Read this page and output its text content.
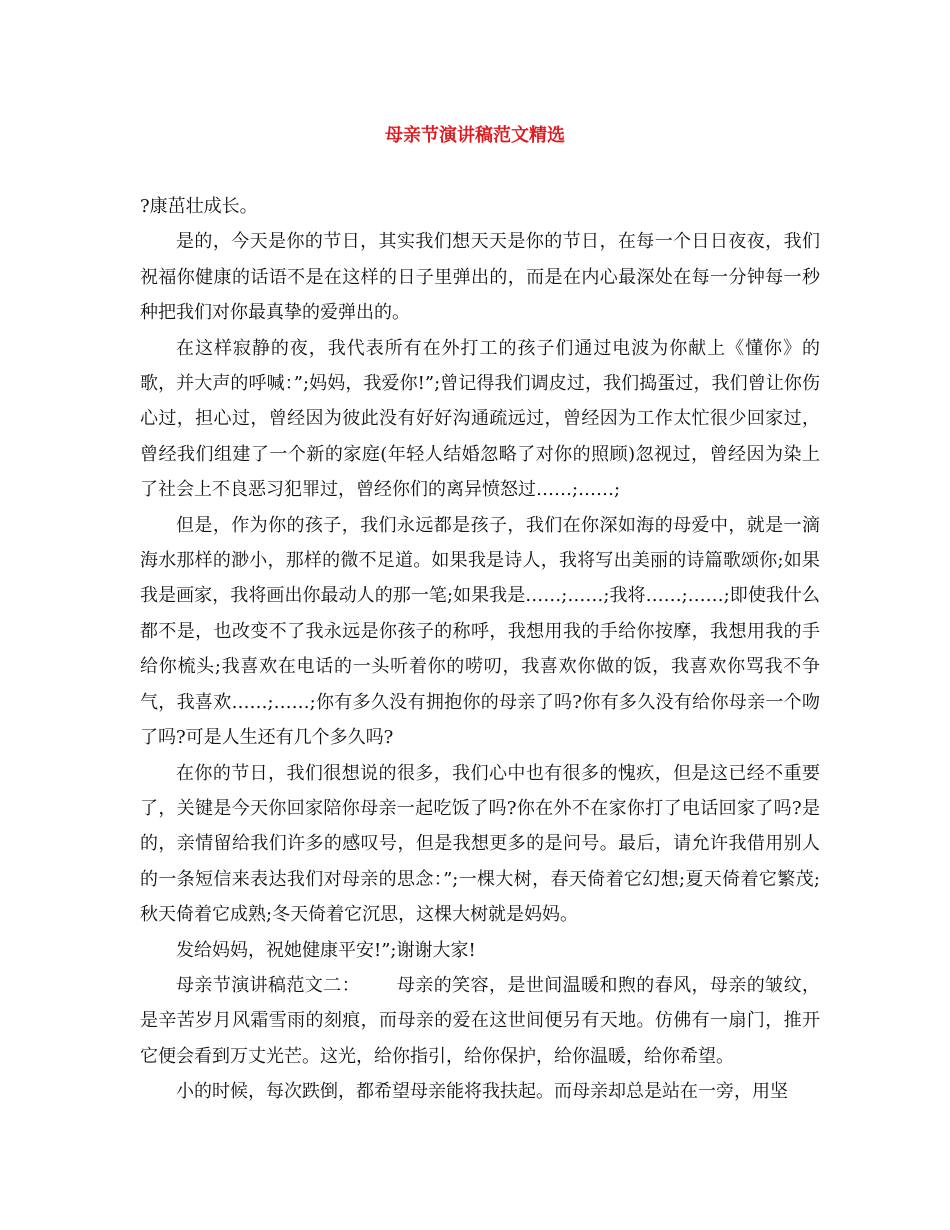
母亲节演讲稿范文精选

?康茁壮成长。

是的，今天是你的节日，其实我们想天天是你的节日，在每一个日日夜夜，我们祝福你健康的话语不是在这样的日子里弹出的，而是在内心最深处在每一分钟每一秒种把我们对你最真挚的爱弹出的。

在这样寂静的夜，我代表所有在外打工的孩子们通过电波为你献上《懂你》的歌，并大声的呼喊：”;妈妈，我爱你!”;曾记得我们调皮过，我们捣蛋过，我们曾让你伤心过，担心过，曾经因为彼此没有好好沟通疏远过，曾经因为工作太忙很少回家过，曾经我们组建了一个新的家庭(年轻人结婚忽略了对你的照顾)忽视过，曾经因为染上了社会上不良恶习犯罪过，曾经你们的离异愤怒过……;……;

但是，作为你的孩子，我们永远都是孩子，我们在你深如海的母爱中，就是一滴海水那样的渺小，那样的微不足道。如果我是诗人，我将写出美丽的诗篇歌颂你;如果我是画家，我将画出你最动人的那一笔;如果我是……;……;我将……;……;即使我什么都不是，也改变不了我永远是你孩子的称呼，我想用我的手给你按摩，我想用我的手给你梳头;我喜欢在电话的一头听着你的唠叨，我喜欢你做的饭，我喜欢你骂我不争气，我喜欢……;……;你有多久没有拥抱你的母亲了吗?你有多久没有给你母亲一个吻了吗?可是人生还有几个多久吗?

在你的节日，我们很想说的很多，我们心中也有很多的愧疚，但是这已经不重要了，关键是今天你回家陪你母亲一起吃饭了吗?你在外不在家你打了电话回家了吗?是的，亲情留给我们许多的感叹号，但是我想更多的是问号。最后，请允许我借用别人的一条短信来表达我们对母亲的思念：”;一棵大树，春天倚着它幻想;夏天倚着它繁茂;秋天倚着它成熟;冬天倚着它沉思，这棵大树就是妈妈。

发给妈妈，祝她健康平安!”;谢谢大家!

母亲节演讲稿范文二：      母亲的笑容，是世间温暖和煦的春风，母亲的皱纹，是辛苦岁月风霜雪雨的刻痕，而母亲的爱在这世间便另有天地。仿佛有一扇门，推开它便会看到万丈光芒。这光，给你指引，给你保护，给你温暖，给你希望。

小的时候，每次跌倒，都希望母亲能将我扶起。而母亲却总是站在一旁，用坚
